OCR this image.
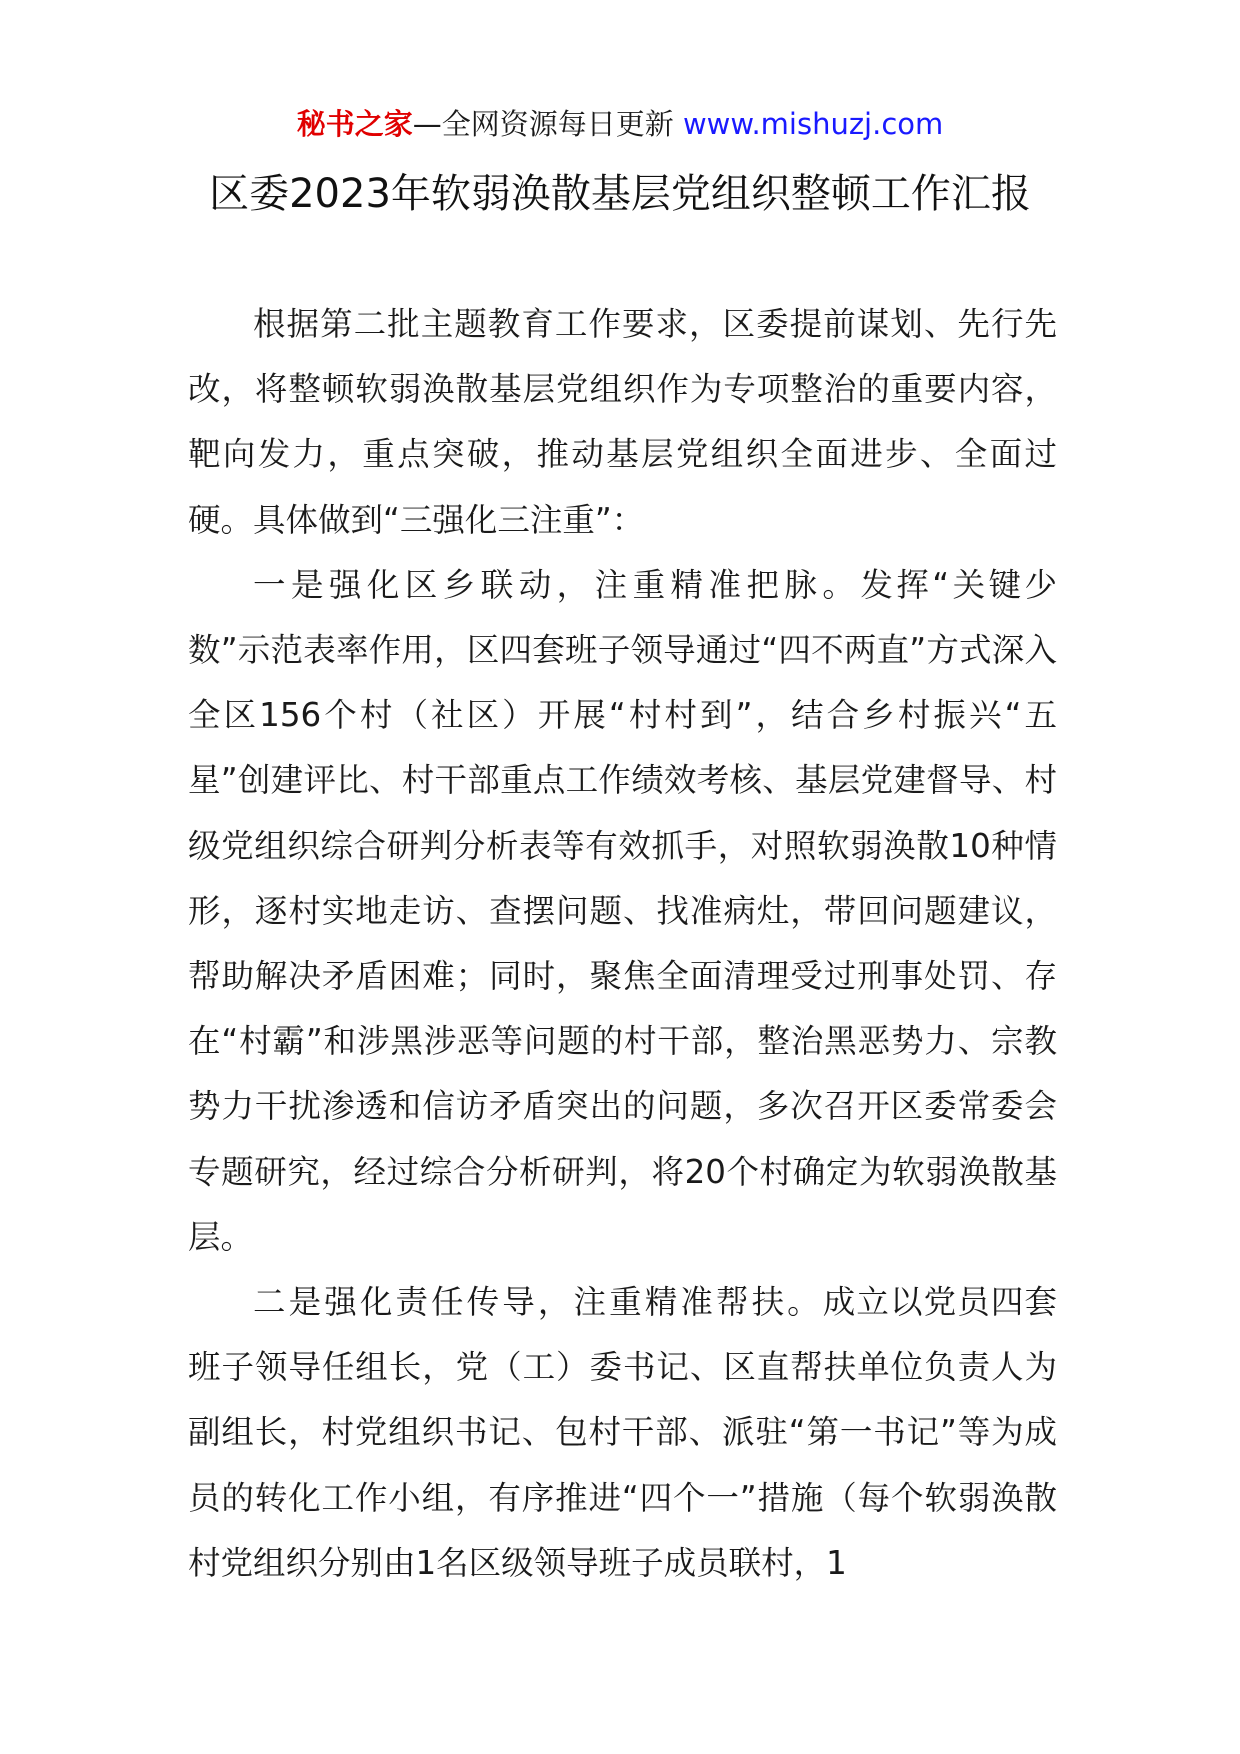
秘书之家—全网资源每日更新 www.mishuzj.com
区委2023年软弱涣散基层党组织整顿工作汇报

根据第二批主题教育工作要求，区委提前谋划、先行先改，将整顿软弱涣散基层党组织作为专项整治的重要内容，靶向发力，重点突破，推动基层党组织全面进步、全面过硬。具体做到“三强化三注重”：

一是强化区乡联动，注重精准把脉。发挥“关键少数”示范表率作用，区四套班子领导通过“四不两直”方式深入全区156个村（社区）开展“村村到”，结合乡村振兴“五星”创建评比、村干部重点工作绩效考核、基层党建督导、村级党组织综合研判分析表等有效抓手，对照软弱涣散10种情形，逐村实地走访、查摆问题、找准病灶，带回问题建议，帮助解决矛盾困难；同时，聚焦全面清理受过刑事处罚、存在“村霸”和涉黑涉恶等问题的村干部，整治黑恶势力、宗教势力干扰渗透和信访矛盾突出的问题，多次召开区委常委会专题研究，经过综合分析研判，将20个村确定为软弱涣散基层。

二是强化责任传导，注重精准帮扶。成立以党员四套班子领导任组长，党（工）委书记、区直帮扶单位负责人为副组长，村党组织书记、包村干部、派驻“第一书记”等为成员的转化工作小组，有序推进“四个一”措施（每个软弱涣散村党组织分别由1名区级领导班子成员联村，1
